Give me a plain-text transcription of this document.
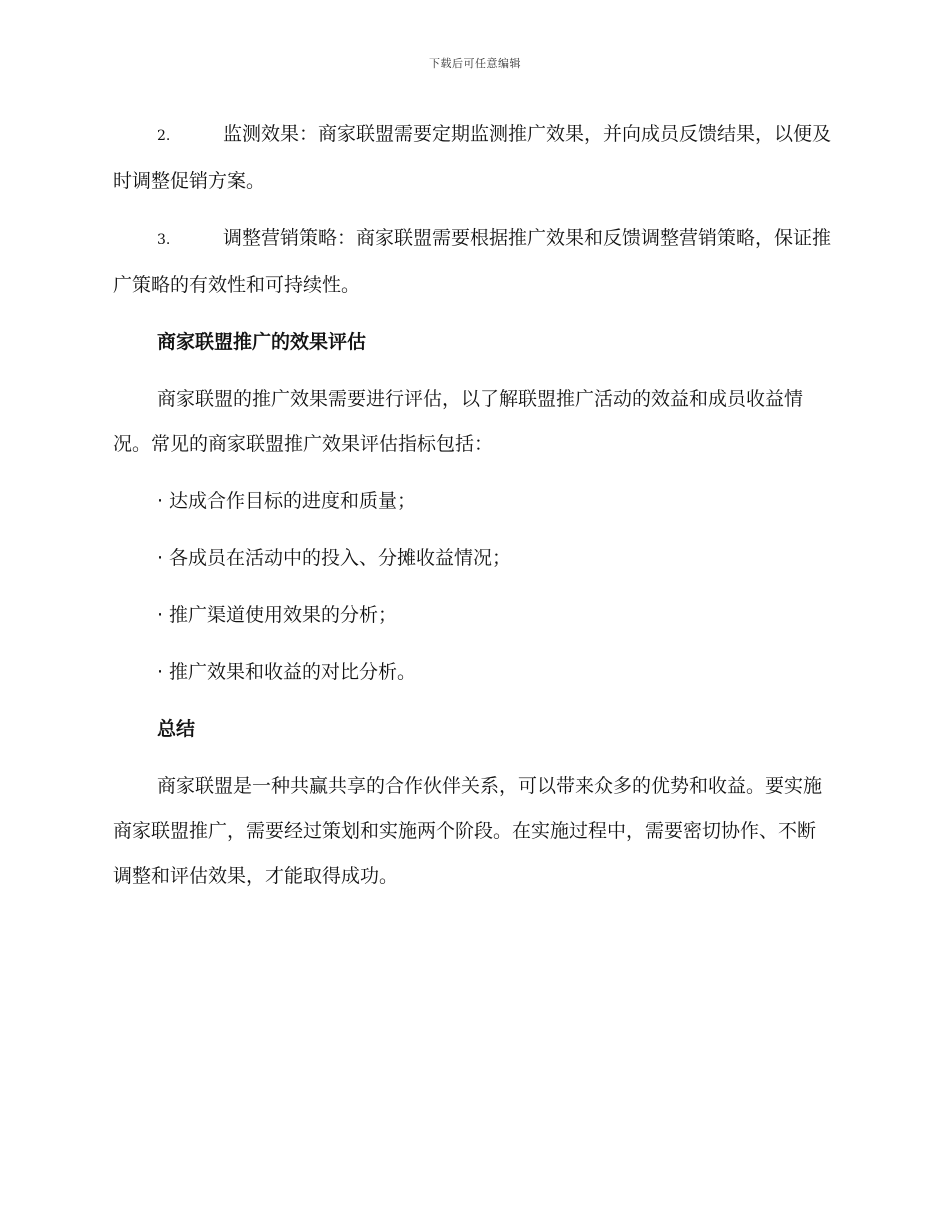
下载后可任意编辑

2.	监测效果：商家联盟需要定期监测推广效果，并向成员反馈结果，以便及时调整促销方案。

3.	调整营销策略：商家联盟需要根据推广效果和反馈调整营销策略，保证推广策略的有效性和可持续性。

商家联盟推广的效果评估

商家联盟的推广效果需要进行评估，以了解联盟推广活动的效益和成员收益情况。常见的商家联盟推广效果评估指标包括：

· 达成合作目标的进度和质量；

· 各成员在活动中的投入、分摊收益情况；

· 推广渠道使用效果的分析；

· 推广效果和收益的对比分析。

总结

商家联盟是一种共赢共享的合作伙伴关系，可以带来众多的优势和收益。要实施商家联盟推广，需要经过策划和实施两个阶段。在实施过程中，需要密切协作、不断调整和评估效果，才能取得成功。
